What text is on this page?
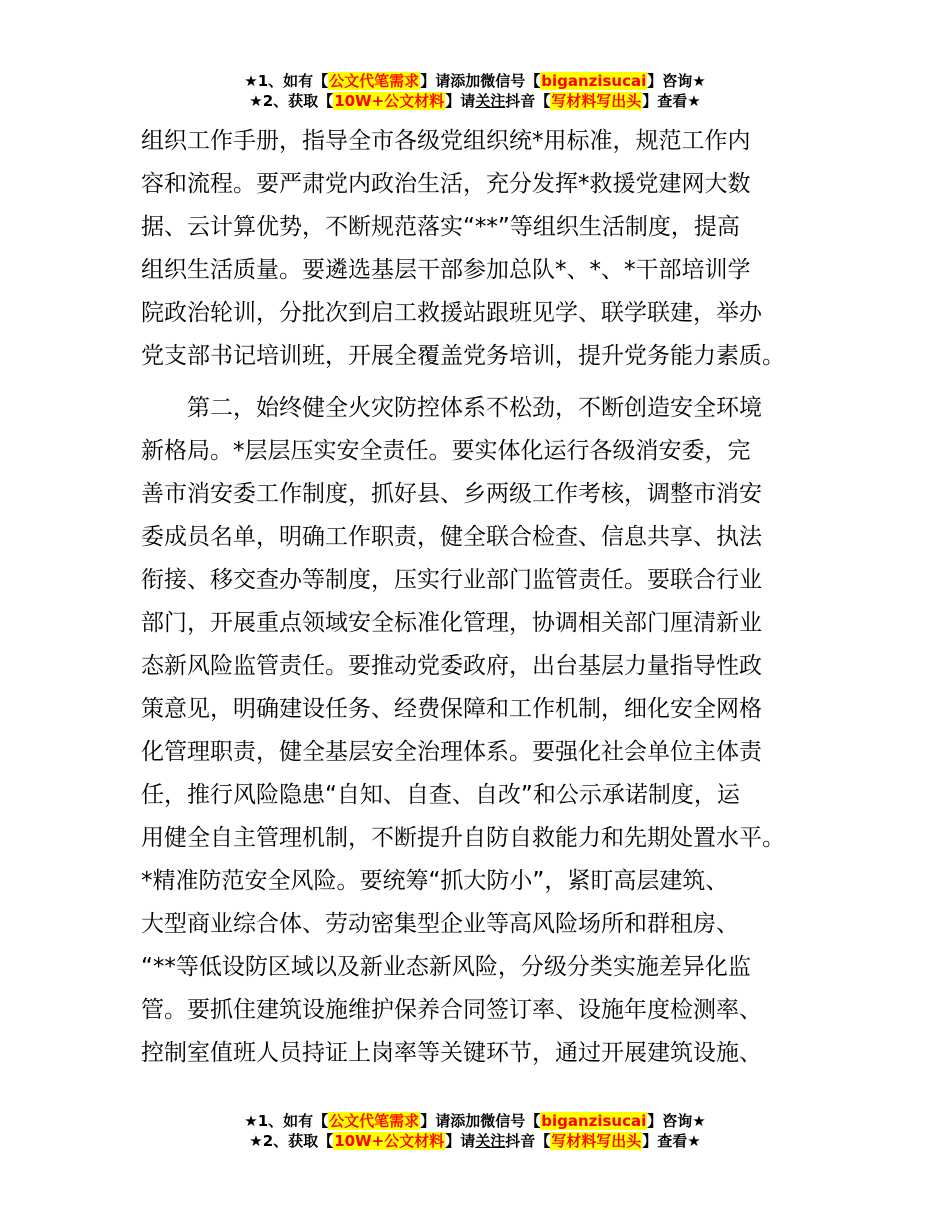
★1、如有【公文代笔需求】请添加微信号【biganzisucai】咨询★
★2、获取【10W+公文材料】请关注抖音【写材料写出头】查看★
组织工作手册，指导全市各级党组织统*用标准，规范工作内
容和流程。要严肃党内政治生活，充分发挥*救援党建网大数
据、云计算优势，不断规范落实“**”等组织生活制度，提高
组织生活质量。要遴选基层干部参加总队*、*、*干部培训学
院政治轮训，分批次到启工救援站跟班见学、联学联建，举办
党支部书记培训班，开展全覆盖党务培训，提升党务能力素质。
　　第二，始终健全火灾防控体系不松劲，不断创造安全环境
新格局。*层层压实安全责任。要实体化运行各级消安委，完
善市消安委工作制度，抓好县、乡两级工作考核，调整市消安
委成员名单，明确工作职责，健全联合检查、信息共享、执法
衔接、移交查办等制度，压实行业部门监管责任。要联合行业
部门，开展重点领域安全标准化管理，协调相关部门厘清新业
态新风险监管责任。要推动党委政府，出台基层力量指导性政
策意见，明确建设任务、经费保障和工作机制，细化安全网格
化管理职责，健全基层安全治理体系。要强化社会单位主体责
任，推行风险隐患“自知、自查、自改”和公示承诺制度，运
用健全自主管理机制，不断提升自防自救能力和先期处置水平。
*精准防范安全风险。要统筹“抓大防小”，紧盯高层建筑、
大型商业综合体、劳动密集型企业等高风险场所和群租房、
“**等低设防区域以及新业态新风险，分级分类实施差异化监
管。要抓住建筑设施维护保养合同签订率、设施年度检测率、
控制室值班人员持证上岗率等关键环节，通过开展建筑设施、
★1、如有【公文代笔需求】请添加微信号【biganzisucai】咨询★
★2、获取【10W+公文材料】请关注抖音【写材料写出头】查看★
